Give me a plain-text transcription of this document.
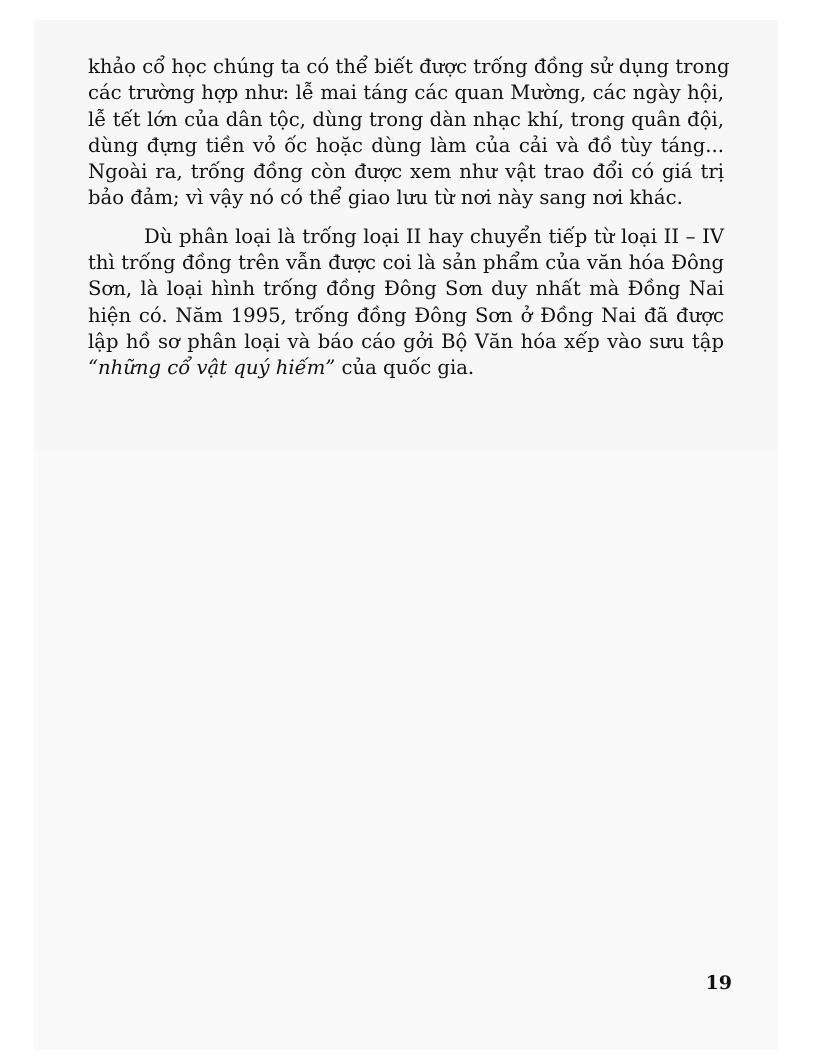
khảo cổ học chúng ta có thể biết được trống đồng sử dụng trong
các trường hợp như: lễ mai táng các quan Mường, các ngày hội,
lễ tết lớn của dân tộc, dùng trong dàn nhạc khí, trong quân đội,
dùng đựng tiền vỏ ốc hoặc dùng làm của cải và đồ tùy táng...
Ngoài ra, trống đồng còn được xem như vật trao đổi có giá trị
bảo đảm; vì vậy nó có thể giao lưu từ nơi này sang nơi khác.
Dù phân loại là trống loại II hay chuyển tiếp từ loại II – IV
thì trống đồng trên vẫn được coi là sản phẩm của văn hóa Đông
Sơn, là loại hình trống đồng Đông Sơn duy nhất mà Đồng Nai
hiện có. Năm 1995, trống đồng Đông Sơn ở Đồng Nai đã được
lập hồ sơ phân loại và báo cáo gởi Bộ Văn hóa xếp vào sưu tập
“những cổ vật quý hiếm” của quốc gia.
19
